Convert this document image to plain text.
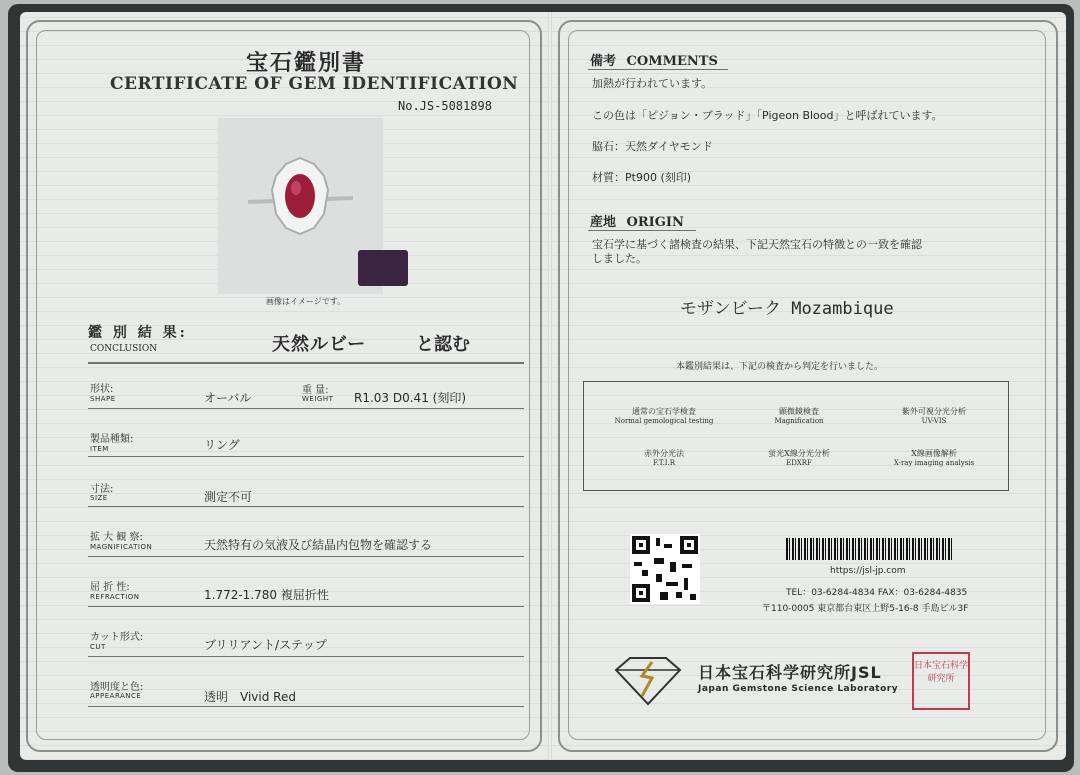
宝石鑑別書
CERTIFICATE OF GEM IDENTIFICATION
No.JS-5081898
画像はイメージです。
鑑 別 結 果:
CONCLUSION	天然ルビー	と認む
形状:
SHAPE	オーバル
重 量:
WEIGHT R1.03 D0.41 (刻印)
製品種類:
ITEM	リング
寸法:
SIZE	測定不可
拡 大 観 察:
MAGNIFICATION	天然特有の気液及び結晶内包物を確認する
屈 折 性:
REFRACTION	1.772-1.780 複屈折性
カット形式:
CUT	ブリリアント/ステップ
透明度と色:
APPEARANCE	透明　Vivid Red
備考 COMMENTS
加熱が行われています。
この色は「ピジョン・ブラッド」「Pigeon Blood」と呼ばれています。
脇石：天然ダイヤモンド
材質：Pt900 (刻印)
産地 ORIGIN
宝石学に基づく諸検査の結果、下記天然宝石の特徴との一致を確認
しました。
モザンビーク Mozambique
本鑑別結果は、下記の検査から判定を行いました。
通常の宝石学検査
Normal gemological testing
顕微鏡検査
Magnification
紫外可視分光分析
UV-VIS
赤外分光法
F.T.I.R
蛍光X線分光分析
EDXRF
X線画像解析
X-ray imaging analysis
https://jsl-jp.com
TEL：03-6284-4834 FAX：03-6284-4835
〒110-0005 東京都台東区上野5-16-8 手島ビル3F
日本宝石科学研究所JSL
Japan Gemstone Science Laboratory
日本宝石科学研究所
